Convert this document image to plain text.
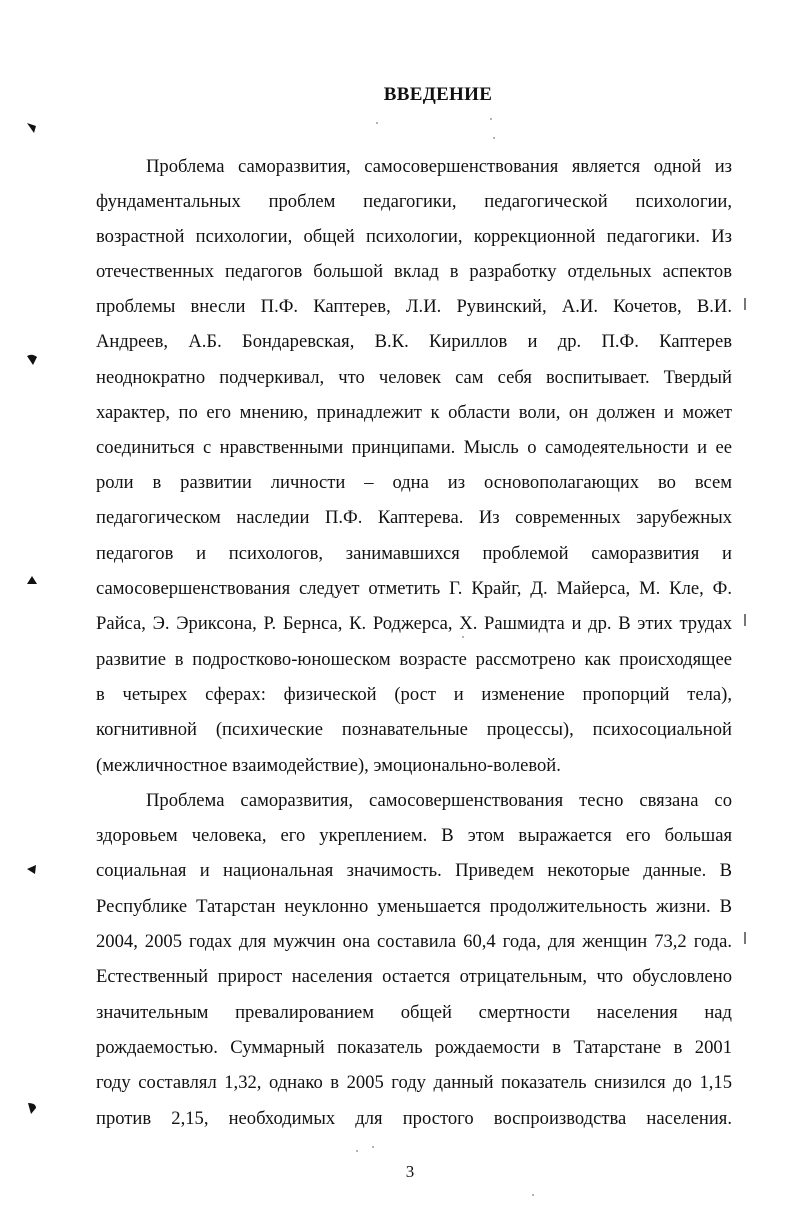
ВВЕДЕНИЕ
Проблема саморазвития, самосовершенствования является одной из
фундаментальных проблем педагогики, педагогической психологии,
возрастной психологии, общей психологии, коррекционной педагогики. Из
отечественных педагогов большой вклад в разработку отдельных аспектов
проблемы внесли П.Ф. Каптерев, Л.И. Рувинский, А.И. Кочетов, В.И.
Андреев, А.Б. Бондаревская, В.К. Кириллов и др. П.Ф. Каптерев
неоднократно подчеркивал, что человек сам себя воспитывает. Твердый
характер, по его мнению, принадлежит к области воли, он должен и может
соединиться с нравственными принципами. Мысль о самодеятельности и ее
роли в развитии личности – одна из основополагающих во всем
педагогическом наследии П.Ф. Каптерева. Из современных зарубежных
педагогов и психологов, занимавшихся проблемой саморазвития и
самосовершенствования следует отметить Г. Крайг, Д. Майерса, М. Кле, Ф.
Райса, Э. Эриксона, Р. Бернса, К. Роджерса, Х. Рашмидта и др. В этих трудах
развитие в подростково-юношеском возрасте рассмотрено как происходящее
в четырех сферах: физической (рост и изменение пропорций тела),
когнитивной (психические познавательные процессы), психосоциальной
(межличностное взаимодействие), эмоционально-волевой.
Проблема саморазвития, самосовершенствования тесно связана со
здоровьем человека, его укреплением. В этом выражается его большая
социальная и национальная значимость. Приведем некоторые данные. В
Республике Татарстан неуклонно уменьшается продолжительность жизни. В
2004, 2005 годах для мужчин она составила 60,4 года, для женщин 73,2 года.
Естественный прирост населения остается отрицательным, что обусловлено
значительным превалированием общей смертности населения над
рождаемостью. Суммарный показатель рождаемости в Татарстане в 2001
году составлял 1,32, однако в 2005 году данный показатель снизился до 1,15
против 2,15, необходимых для простого воспроизводства населения.
3
